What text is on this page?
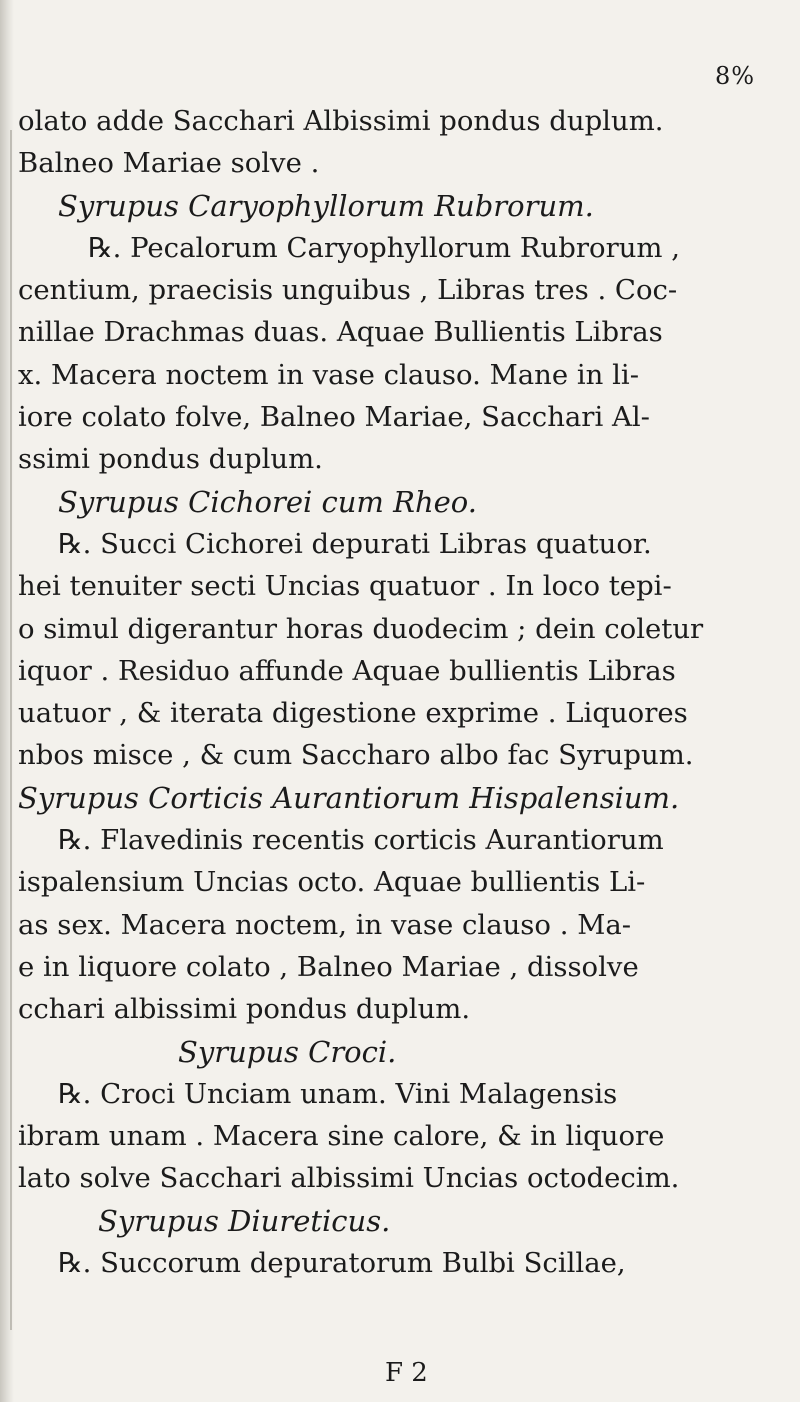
8%
olato adde Sacchari Albissimi pondus duplum.
Balneo Mariae solve .
Syrupus Caryophyllorum Rubrorum.
℞. Pecalorum Caryophyllorum Rubrorum ,
centium, praecisis unguibus , Libras tres . Coc-
nillae Drachmas duas. Aquae Bullientis Libras
x. Macera noctem in vase clauso. Mane in li-
iore colato folve, Balneo Mariae, Sacchari Al-
ssimi pondus duplum.
Syrupus Cichorei cum Rheo.
℞. Succi Cichorei depurati Libras quatuor.
hei tenuiter secti Uncias quatuor . In loco tepi-
o simul digerantur horas duodecim ; dein coletur
iquor . Residuo affunde Aquae bullientis Libras
uatuor , & iterata digestione exprime . Liquores
nbos misce , & cum Saccharo albo fac Syrupum.
Syrupus Corticis Aurantiorum Hispalensium.
℞. Flavedinis recentis corticis Aurantiorum
ispalensium Uncias octo. Aquae bullientis Li-
as sex. Macera noctem, in vase clauso . Ma-
e in liquore colato , Balneo Mariae , dissolve
cchari albissimi pondus duplum.
Syrupus Croci.
℞. Croci Unciam unam. Vini Malagensis
ibram unam . Macera sine calore, & in liquore
lato solve Sacchari albissimi Uncias octodecim.
Syrupus Diureticus.
℞. Succorum depuratorum Bulbi Scillae,
F 2
